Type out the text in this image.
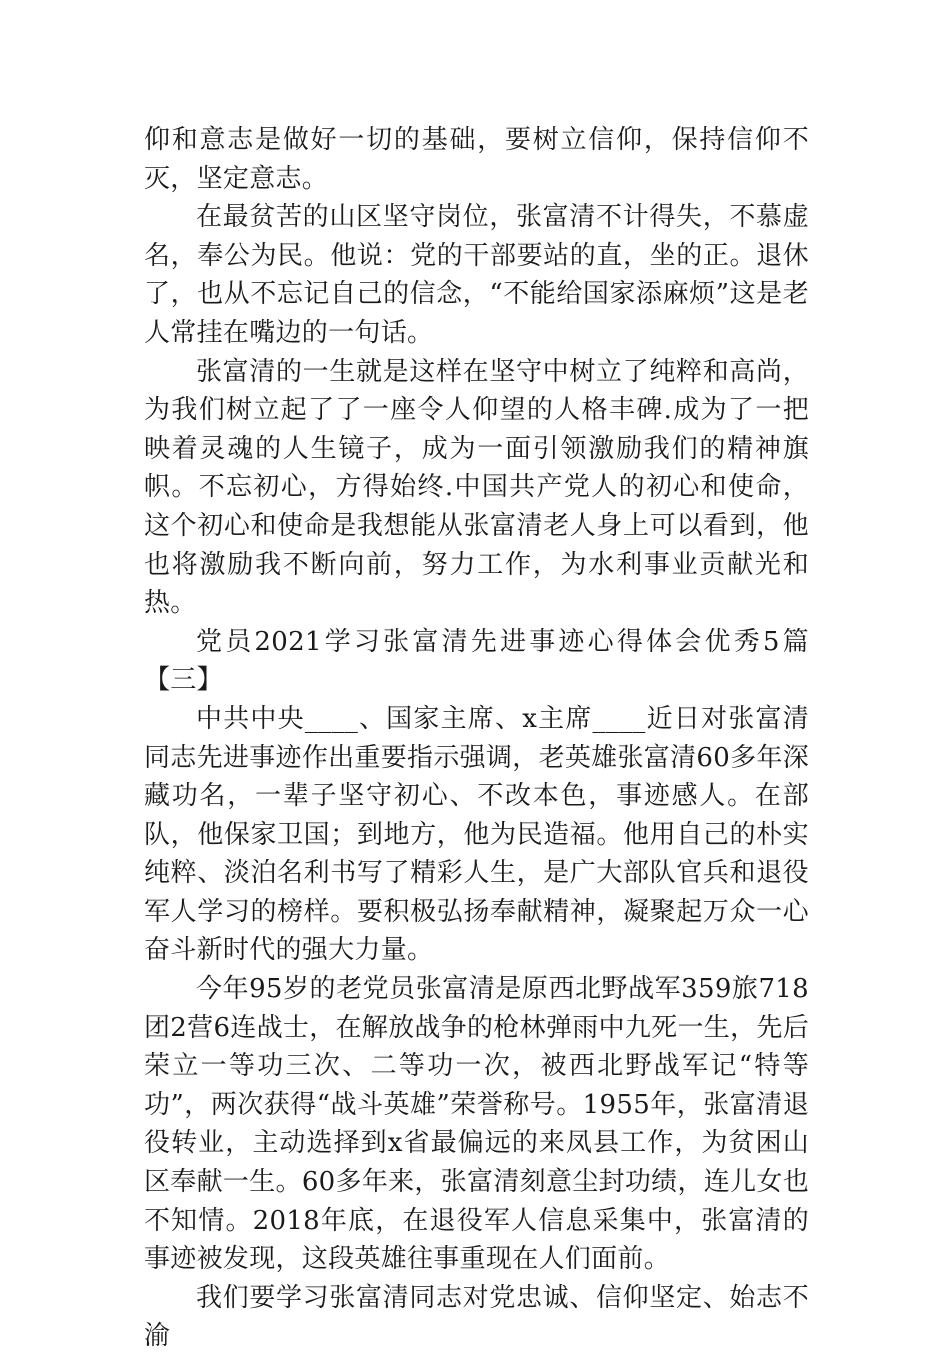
仰和意志是做好一切的基础，要树立信仰，保持信仰不灭，坚定意志。

在最贫苦的山区坚守岗位，张富清不计得失，不慕虚名，奉公为民。他说：党的干部要站的直，坐的正。退休了，也从不忘记自己的信念，“不能给国家添麻烦”这是老人常挂在嘴边的一句话。

张富清的一生就是这样在坚守中树立了纯粹和高尚，为我们树立起了了一座令人仰望的人格丰碑.成为了一把映着灵魂的人生镜子，成为一面引领激励我们的精神旗帜。不忘初心，方得始终.中国共产党人的初心和使命，这个初心和使命是我想能从张富清老人身上可以看到，他也将激励我不断向前，努力工作，为水利事业贡献光和热。

党员2021学习张富清先进事迹心得体会优秀5篇【三】

中共中央____、国家主席、x主席____近日对张富清同志先进事迹作出重要指示强调，老英雄张富清60多年深藏功名，一辈子坚守初心、不改本色，事迹感人。在部队，他保家卫国；到地方，他为民造福。他用自己的朴实纯粹、淡泊名利书写了精彩人生，是广大部队官兵和退役军人学习的榜样。要积极弘扬奉献精神，凝聚起万众一心奋斗新时代的强大力量。

今年95岁的老党员张富清是原西北野战军359旅718团2营6连战士，在解放战争的枪林弹雨中九死一生，先后荣立一等功三次、二等功一次，被西北野战军记“特等功”，两次获得“战斗英雄”荣誉称号。1955年，张富清退役转业，主动选择到x省最偏远的来凤县工作，为贫困山区奉献一生。60多年来，张富清刻意尘封功绩，连儿女也不知情。2018年底，在退役军人信息采集中，张富清的事迹被发现，这段英雄往事重现在人们面前。

我们要学习张富清同志对党忠诚、信仰坚定、始志不渝
